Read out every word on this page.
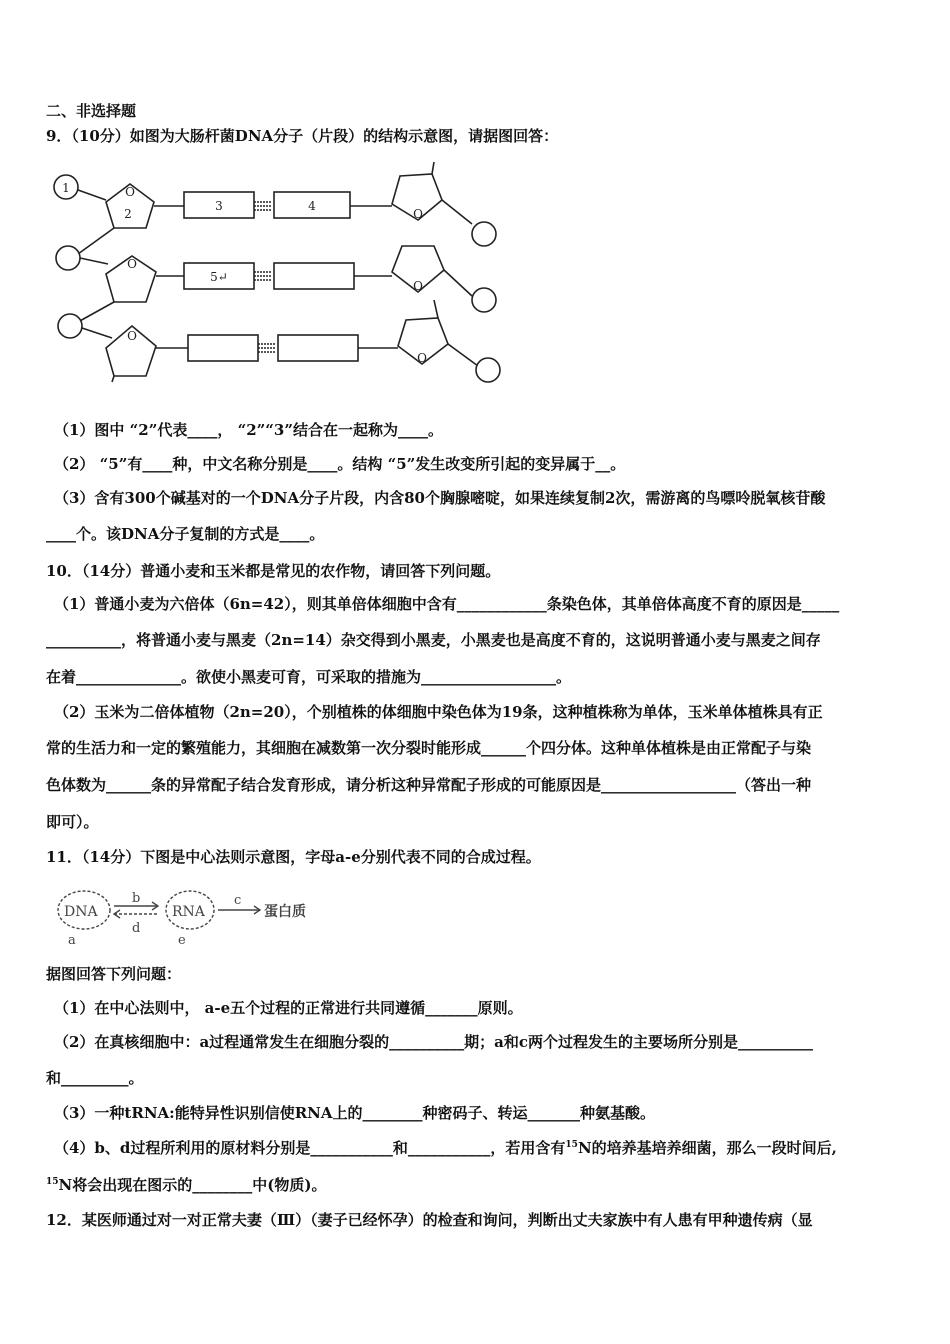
二、非选择题
9．（10分）如图为大肠杆菌DNA分子（片段）的结构示意图，请据图回答：
1
2
3	4
5↵
O
O
O
O
O
O
（1）图中 “2”代表____， “2”“3”结合在一起称为____。
（2） “5”有____种，中文名称分别是____。结构 “5”发生改变所引起的变异属于__。
（3）含有300个碱基对的一个DNA分子片段，内含80个胸腺嘧啶，如果连续复制2次，需游离的鸟嘌呤脱氧核苷酸
____个。该DNA分子复制的方式是____。
10．（14分）普通小麦和玉米都是常见的农作物，请回答下列问题。
（1）普通小麦为六倍体（6n=42），则其单倍体细胞中含有____________条染色体，其单倍体高度不育的原因是_____
__________，将普通小麦与黑麦（2n=14）杂交得到小黑麦，小黑麦也是高度不育的，这说明普通小麦与黑麦之间存
在着______________。欲使小黑麦可育，可采取的措施为__________________。
（2）玉米为二倍体植物（2n=20），个别植株的体细胞中染色体为19条，这种植株称为单体，玉米单体植株具有正
常的生活力和一定的繁殖能力，其细胞在减数第一次分裂时能形成______个四分体。这种单体植株是由正常配子与染
色体数为______条的异常配子结合发育形成，请分析这种异常配子形成的可能原因是__________________（答出一种
即可）。
11．（14分）下图是中心法则示意图，字母a-e分别代表不同的合成过程。
DNA	RNA	蛋白质
b
d
c
a	e
据图回答下列问题：
（1）在中心法则中， a-e五个过程的正常进行共同遵循_______原则。
（2）在真核细胞中：a过程通常发生在细胞分裂的__________期；a和c两个过程发生的主要场所分别是__________
和_________。
（3）一种tRNA:能特异性识别信使RNA上的________种密码子、转运_______种氨基酸。
（4）b、d过程所利用的原材料分别是___________和___________，若用含有$^{15}$N的培养基培养细菌，那么一段时间后,
$^{15}$N将会出现在图示的________中(物质)。
12．某医师通过对一对正常夫妻（Ⅲ）（妻子已经怀孕）的检查和询问，判断出丈夫家族中有人患有甲种遗传病（显
